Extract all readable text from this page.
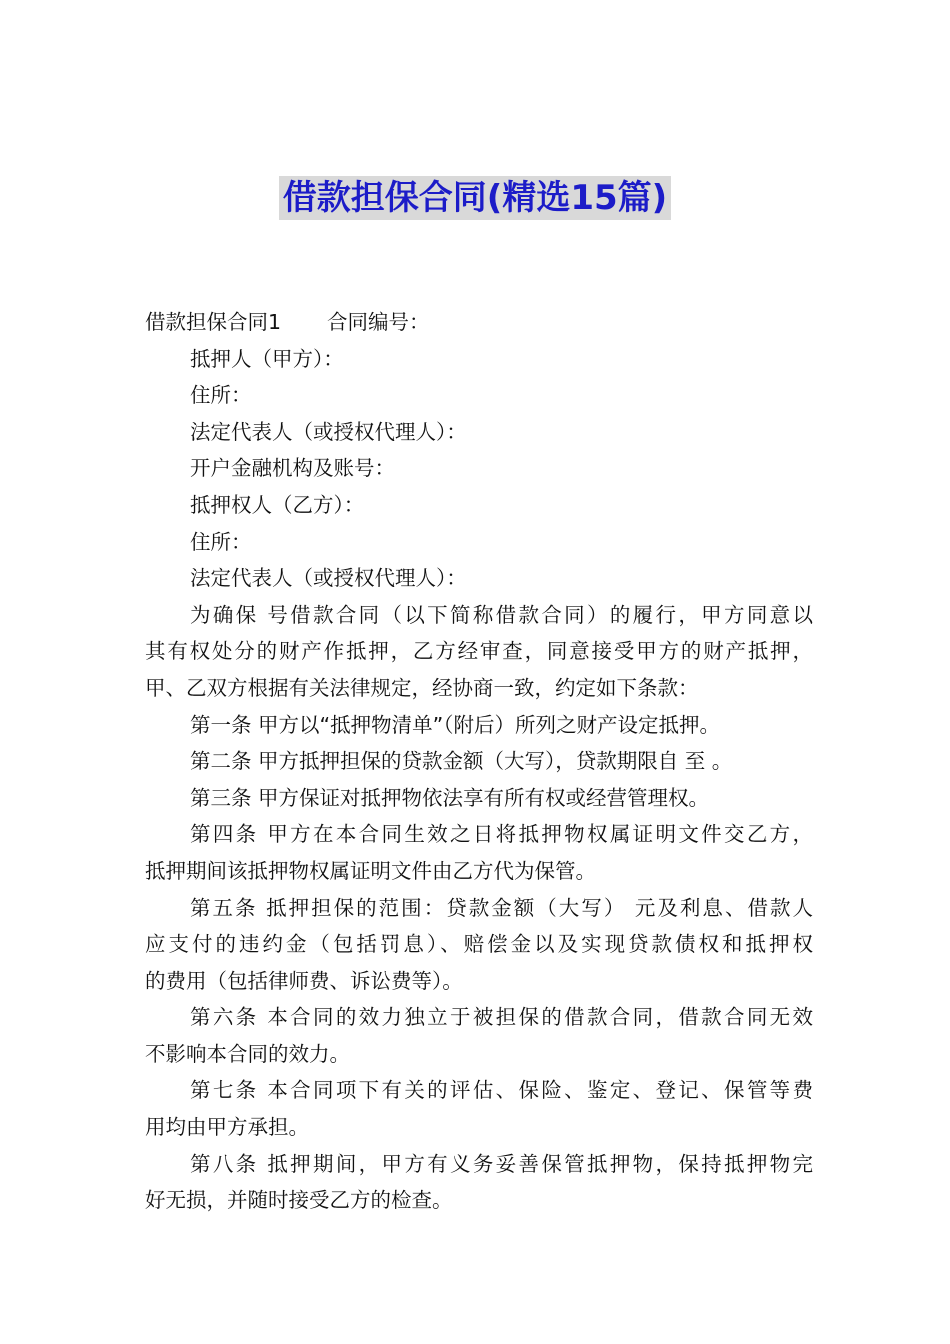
借款担保合同(精选15篇)
借款担保合同1 合同编号：
抵押人（甲方）：
住所：
法定代表人（或授权代理人）：
开户金融机构及账号：
抵押权人（乙方）：
住所：
法定代表人（或授权代理人）：
为确保 号借款合同（以下简称借款合同）的履行，甲方同意以
其有权处分的财产作抵押，乙方经审查，同意接受甲方的财产抵押，
甲、乙双方根据有关法律规定，经协商一致，约定如下条款：
第一条 甲方以“抵押物清单”（附后）所列之财产设定抵押。
第二条 甲方抵押担保的贷款金额（大写），贷款期限自 至 。
第三条 甲方保证对抵押物依法享有所有权或经营管理权。
第四条 甲方在本合同生效之日将抵押物权属证明文件交乙方，
抵押期间该抵押物权属证明文件由乙方代为保管。
第五条 抵押担保的范围：贷款金额（大写） 元及利息、借款人
应支付的违约金（包括罚息）、赔偿金以及实现贷款债权和抵押权
的费用（包括律师费、诉讼费等）。
第六条 本合同的效力独立于被担保的借款合同，借款合同无效
不影响本合同的效力。
第七条 本合同项下有关的评估、保险、鉴定、登记、保管等费
用均由甲方承担。
第八条 抵押期间，甲方有义务妥善保管抵押物，保持抵押物完
好无损，并随时接受乙方的检查。
